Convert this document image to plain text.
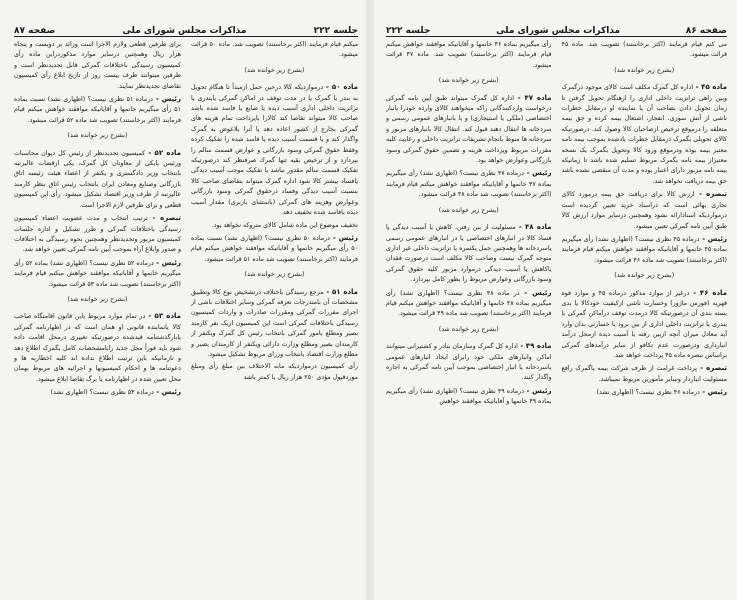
جلسه ۲۲۲
مذاکرات مجلس شورای ملی
صفحه ۸۷

میکنم قیام فرمایند (اکثر برخاستند) تصویب شد. ماده ۵۰ قرائت میشود.

(بشرح زیر خوانده شد)

ماده ۵۰ - درمواردیکه کالا درحین حمل ازمبدأ تا هنگام تحویل به بندر یا گمرک یا در مدت توقف در اماکن گمرکی یابندری یا ترانزیت داخلی اداری آسیب دیده یا ضایع یا فاسد شده باشد صاحب کالا میتواند تقاضا کند کالارا باپرداخت تمام هزینه های گمرکی بخارج از کشور اعاده دهد یا آنرا بلاعوض به گمرک واگذار کند و یا قسمت آسیب دیده یا فاسد شده را تفکیک کرده وفقط حقوق گمرکی وسود بازرگانی و عوارض قسمت سالم را بپردازد و از ترخیص بقیه تنها گمرك صرفنظر کند درصورتیکه تفکیک قسمت سالم مقدور نباشد یا تفکیک موجب آسیب دیدگی یافساد بیشتر کالا شود اداره گمرک میتواند بتقاضای صاحب کالا بنسبت آسیب دیدگی وفساد درحقوق گمرکی وسود بازرگانی وعوارض وهزینه های گمرکی (باستثنای باربری) مقدار آسیب دیده یافاسد شده تخفیف دهد.

تخفیف موضوع این ماده شامل کالای متروکه نخواهد بود.

رئیس - درماده ۵۰ نظری نیست؟ (اظهاری نشد) نسبت بماده ۵۰ رأی میگیریم خانمها و آقایانیکه موافقند خواهش میکنم قیام فرمایند (اکثر برخاستند) تصویب شد ماده ۵۱ قرائت میشود.

(بشرح زیر خوانده شد)

ماده ۵۱ - مرجع رسیدگی باختلاف درتشخیص نوع کالا وتطبیق مشخصات آن بامندرجات تعرفه گمرکی وسایر اختلافات ناشی از اجرای مقررات گمرکی ومقررات صادرات و واردات کمیسیون رسیدگی باختلافات گمرکی است این کمیسیون ازیک نفر کارمند بصیر ومطلع بامور گمرکی بانتخاب رئیس کل گمرک ویکنفر از کارمندان بصیر ومطلع وزارت دارائی ویکنفر از کارمندان بصیر و مطلع وزارت اقتصاد بانتخاب وزرای مربوط تشکیل میشود.

رأی کمیسیون درمواردیکه مابه الاختلاف بین مبلغ رأی ومبلغ موردقبول مؤدی ۲۵۰ هزار ریال یا کمتر باشد

برای طرفین قطعی ولازم الاجرا است وزائد بر دویست و پنجاه هزار ریال وهمچنین درسایر موارد مذکوردراین ماده رأی کمیسیون رسیدگی باختلافات گمرکی قابل تجدیدنظر است و طرفین میتوانند ظرف بیست روز از تاریخ ابلاغ رأی کمیسیون تقاضای تجدیدنظر نمایند.

رئیس - درماده ۵۱ نظری نیست؟ (اظهاری نشد) نسبت بماده ۵۱ رأی میگیریم خانمها و آقایانیکه موافقند خواهش میکنم قیام فرمایند (اکثر برخاستند) تصویب شد ماده ۵۲ قرائت میشود.

(بشرح زیر خوانده شد)

ماده ۵۲ - کمیسیون تجدیدنظر از رئیس کل دیوان محاسبات ورئیس یایکی از معاونان کل گمرک، یکی ازقضات عالیرتبه بانتخاب وزیر دادگستری و یکنفر از اعضاء هیئت رئیسه اتاق بازرگانی وصنایع ومعادن ایران بانتخاب رئیس اتاق بنظر کارمند عالیرتبه از طرف وزیر اقتصاد تشکیل میشود. رأی این کمیسیون قطعی و برای طرفین لازم الاجرا است.

تبصره - ترتیب انتخاب و مدت عضویت اعضاء کمیسیون رسیدگی باختلافات گمرکی و طرز تشکیل و اداره جلسات کمیسیون مزبور وتجدیدنظر وهمچنین نحوه رسیدگی به اختلافات و صدور وابلاغ آراء بموجب آیین نامه گمرکی تعیین خواهد شد.

رئیس - درماده ۵۲ نظری نیست؟ (اظهاری نشد) بماده ۵۲ رأی میگیریم خانمها و آقایانیکه موافقند خواهش میکنم قیام فرمایند (اکثر برخاستند) تصویب شد ماده ۵۳ قرائت میشود.

(بشرح زیر خوانده شد)

ماده ۵۳ - در تمام موارد مربوط باین قانون اقامتگاه صاحب کالا یانماینده قانونی او همان است که در اظهارنامه گمرکی یابارگذشتنامه قیدشده درصورتیکه تغییری درمحل اقامت داده شود باید فوراً محل جدید رابامشخصات کامل بگمرک اطلاع دهد و تازمانیکه باین ترتیب اطلاع نداده اند کلیه اخطاریه ها و دعوتنامه ها و احکام کمیسیونها و اجرائیه های مربوط بهمان محل تعیین شده در اظهارنامه یا برگ تقاضا ابلاغ میشود.

رئیس - درماده ۵۳ نظری نیست؟ (اظهاری نشد)

صفحه ۸۶
مذاکرات مجلس شورای ملی
جلسه ۲۲۲

می کنم قیام فرمایند (اکثر برخاستند) تصویب شد. ماده ۴۵ قرائت میشود.

(بشرح زیر خوانده شد)

ماده ۴۵ - اداره کل گمرک مکلف است کالای موجود درگمرک وبین راهی ترانزیت داخلی اداری را ازهنگام تحویل گرفتن تا زمان تحویل دادن بصاحب آن یا نماینده او درمقابل خطرات ناشی از آتش سوزی، انفجار، اشتعال بیمه کرده و حق بیمه متعلقه را درموقع ترخیص ازصاحبان کالا وصول کند. درصورتیکه کالای تحویلی بگمرک درمقابل خطرات یادشده بموجب بیمه نامه معتبر بیمه بوده ودرموقع ورود کالا وتحویل بگمرک یک نسخه معتبراز بیمه نامه بگمرک مربوط تسلیم شده باشد تا زمانیکه بیمه نامه مزبور دارای اعتبار بوده و مدت آن منقضی نشده باشد حق بیمه دریافت نخواهد شد.

تبصره - ارزش کالا برای دریافت حق بیمه درمورد کالای تجاری بهائی است که دراسناد خرید تعیین گردیده است درمواردیکه اسنادارائه نشود وهمچنین درسایر موارد ارزش کالا طبق آیین نامه گمرکی تعیین میشود.

رئیس - درماده ۴۵ نظری نیست؟ (اظهاری نشد) رأی میگیریم بماده ۴۵ خانمها و آقایانیکه موافقند خواهش میکنم قیام فرمایند (اکثر برخاستند) تصویب شد ماده ۴۶ قرائت میشود.

(بشرح زیر خوانده شد)

ماده ۴۶ - درغیر از موارد مذکور درماده ۴۵ و موارد قوه قهریه (فورس ماژور) وخسارت ناشی ازکیفیت خودکالا یا بدی بسته بندی آن درصورتیکه کالا درمدت توقف دراماکن گمرکی یا بندری یا ترانزیت داخلی اداری از بین برود یا خسارتی بدان وارد آید معادل میزان آنچه ازبین رفته یا آسیب دیده ازمحل درآمد انبارداری ودرصورت عدم تکافو از سایر درآمدهای گمرکی براساس تبصره ماده ۴۵ پرداخت خواهد شد.

تبصره - پرداخت غرامت از طرف شرکت بیمه یاگمرک رافع مسئولیت انباردار وسایر مأمورین مربوط نمیباشد.

رئیس - درماده ۴۶ نظری نیست؟ (اظهاری نشد)

رأی میگیریم بماده ۴۶ خانمها و آقایانیکه موافقند خواهش میکنم قیام فرمایند (اکثر برخاستند) تصویب شد. ماده ۴۷ قرائت میشود.

(بشرح زیر خوانده شد)

ماده ۴۷ - اداره کل گمرک میتواند طبق آیین نامه گمرکی درخواست واردکنندگانی راکه میخواهند کالای وارده خودرا بانبار اختصاصی (ملکی یا استیجاری) و یا بانبارهای عمومی رسمی و سردخانه ها انتقال دهند قبول کند. انتقال کالا بانبارهای مزبور و سردخانه ها منوط بانجام تشریفات ترانزیت داخلی و رعایت کلیه مقررات مربوط وپرداخت هزینه و تضمین حقوق گمرکی وسود بازرگانی وعوارض خواهد بود.

رئیس - درماده ۴۷ نظری نیست؟ (اظهاری نشد) رأی میگیریم بماده ۴۷ خانمها و آقایانیکه موافقند خواهش میکنم قیام فرمایند (اکثر برخاستند) تصویب شد ماده ۴۸ قرائت میشود.

(بشرح زیر خوانده شد)

ماده ۴۸ - مسئولیت از بین رفتن، کاهش یا آسیب دیدگی یا فساد کالا در انبارهای اختصاصی یا در انبارهای عمومی رسمی یاسردخانه ها وهمچنین حمل یکسره یا ترانزیت داخلی غیر اداری متوجه گمرک نیست وصاحب کالا مکلف است درصورت فقدان یاکاهش یا آسیب دیدگی درموارد مزبور کلیه حقوق گمرکی وسود بازرگانی وعوارض مربوط را بطور کامل بپردازد.

رئیس - در ماده ۴۸ نظری نیست؟ (اظهاری نشد) رأی میگیریم بماده ۴۸ خانمها و آقایانیکه موافقند خواهش میکنم قیام فرمایند (اکثر برخاستند) تصویب شد ماده ۴۹ قرائت میشود.

(بشرح زیر خوانده شد)

ماده ۴۹ - اداره کل گمرک وسازمان بنادر و کشتیرانی میتوانند اماکن وانبارهای ملکی خود رابرای ایجاد انبارهای عمومی یاسردخانه یا انبار اختصاصی بموجب آیین نامه گمرکی به اجاره واگذار کنند.

رئیس - درماده ۴۹ نظری نیست؟ (اظهاری نشد) رأی میگیریم بماده ۴۹ خانمها و آقایانیکه موافقند خواهش
